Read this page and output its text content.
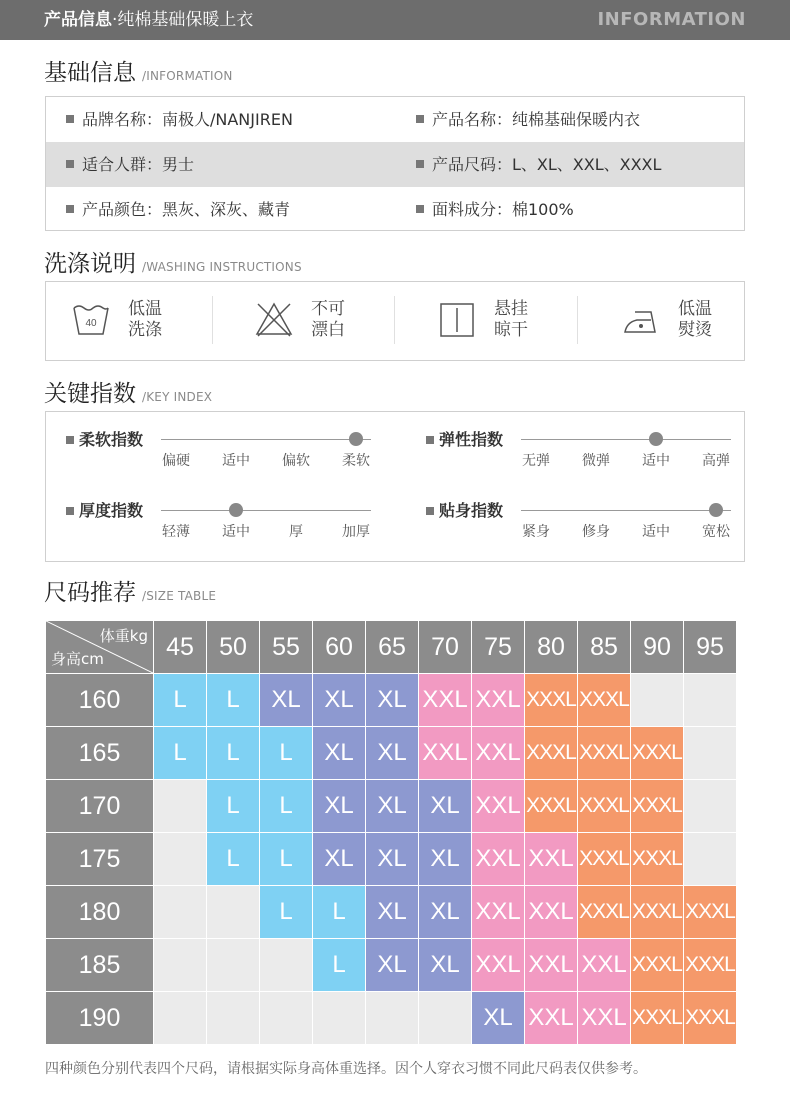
产品信息·纯棉基础保暖上衣	INFORMATION
基础信息 /INFORMATION
品牌名称：南极人/NANJIREN	产品名称：纯棉基础保暖内衣
适合人群：男士	产品尺码：L、XL、XXL、XXXL
产品颜色：黑灰、深灰、藏青	面料成分：棉100%
洗涤说明 /WASHING INSTRUCTIONS
40
低温
洗涤
不可
漂白
悬挂
晾干
低温
熨烫
关键指数 /KEY INDEX
柔软指数
偏硬 适中 偏软 柔软
弹性指数
无弹 微弹 适中 高弹
厚度指数
轻薄 适中	厚	加厚
贴身指数
紧身 修身 适中 宽松
尺码推荐 /SIZE TABLE
体重kg
身高cm	45	50	55	60	65	70	75	80	85	90	95
160	L	L	XL	XL	XL	XXL	XXL	XXXL	XXXL		
165	L	L	L	XL	XL	XXL	XXL	XXXL	XXXL	XXXL	
170		L	L	XL	XL	XL	XXL	XXXL	XXXL	XXXL	
175		L	L	XL	XL	XL	XXL	XXL	XXXL	XXXL	
180			L	L	XL	XL	XXL	XXL	XXXL	XXXL	XXXL
185				L	XL	XL	XXL	XXL	XXL	XXXL	XXXL
190							XL	XXL	XXL	XXXL	XXXL
四种颜色分别代表四个尺码，请根据实际身高体重选择。因个人穿衣习惯不同此尺码表仅供参考。
